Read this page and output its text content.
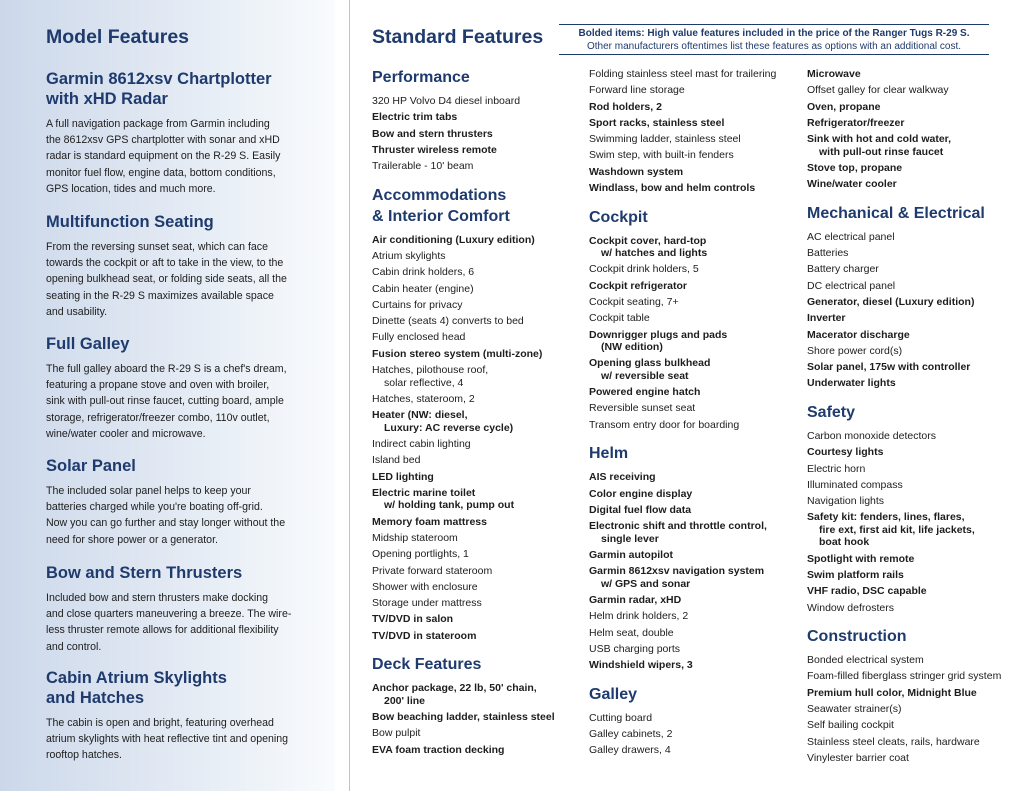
Model Features
Garmin 8612xsv Chartplotter
with xHD Radar

A full navigation package from Garmin including
the 8612xsv GPS chartplotter with sonar and xHD
radar is standard equipment on the R-29 S. Easily
monitor fuel flow, engine data, bottom conditions,
GPS location, tides and much more.

Multifunction Seating

From the reversing sunset seat, which can face
towards the cockpit or aft to take in the view, to the
opening bulkhead seat, or folding side seats, all the
seating in the R-29 S maximizes available space
and usability.

Full Galley

The full galley aboard the R-29 S is a chef's dream,
featuring a propane stove and oven with broiler,
sink with pull-out rinse faucet, cutting board, ample
storage, refrigerator/freezer combo, 110v outlet,
wine/water cooler and microwave.

Solar Panel

The included solar panel helps to keep your
batteries charged while you're boating off-grid.
Now you can go further and stay longer without the
need for shore power or a generator.

Bow and Stern Thrusters

Included bow and stern thrusters make docking
and close quarters maneuvering a breeze. The wire-
less thruster remote allows for additional flexibility
and control.

Cabin Atrium Skylights
and Hatches

The cabin is open and bright, featuring overhead
atrium skylights with heat reflective tint and opening
rooftop hatches.

Standard Features	Bolded items: High value features included in the price of the Ranger Tugs R-29 S.
Other manufacturers oftentimes list these features as options with an additional cost.
Performance
320 HP Volvo D4 diesel inboard
Electric trim tabs
Bow and stern thrusters
Thruster wireless remote
Trailerable - 10' beam
Accommodations
& Interior Comfort
Air conditioning (Luxury edition)
Atrium skylights
Cabin drink holders, 6
Cabin heater (engine)
Curtains for privacy
Dinette (seats 4) converts to bed
Fully enclosed head
Fusion stereo system (multi-zone)
Hatches, pilothouse roof,
solar reflective, 4
Hatches, stateroom, 2
Heater (NW: diesel,
Luxury: AC reverse cycle)
Indirect cabin lighting
Island bed
LED lighting
Electric marine toilet
w/ holding tank, pump out
Memory foam mattress
Midship stateroom
Opening portlights, 1
Private forward stateroom
Shower with enclosure
Storage under mattress
TV/DVD in salon
TV/DVD in stateroom
Deck Features
Anchor package, 22 lb, 50' chain,
200' line
Bow beaching ladder, stainless steel
Bow pulpit
EVA foam traction decking
Folding stainless steel mast for trailering
Forward line storage
Rod holders, 2
Sport racks, stainless steel
Swimming ladder, stainless steel
Swim step, with built-in fenders
Washdown system
Windlass, bow and helm controls
Cockpit
Cockpit cover, hard-top
w/ hatches and lights
Cockpit drink holders, 5
Cockpit refrigerator
Cockpit seating, 7+
Cockpit table
Downrigger plugs and pads
(NW edition)
Opening glass bulkhead
w/ reversible seat
Powered engine hatch
Reversible sunset seat
Transom entry door for boarding
Helm
AIS receiving
Color engine display
Digital fuel flow data
Electronic shift and throttle control,
single lever
Garmin autopilot
Garmin 8612xsv navigation system
w/ GPS and sonar
Garmin radar, xHD
Helm drink holders, 2
Helm seat, double
USB charging ports
Windshield wipers, 3
Galley
Cutting board
Galley cabinets, 2
Galley drawers, 4
Microwave
Offset galley for clear walkway
Oven, propane
Refrigerator/freezer
Sink with hot and cold water,
with pull-out rinse faucet
Stove top, propane
Wine/water cooler
Mechanical & Electrical
AC electrical panel
Batteries
Battery charger
DC electrical panel
Generator, diesel (Luxury edition)
Inverter
Macerator discharge
Shore power cord(s)
Solar panel, 175w with controller
Underwater lights
Safety
Carbon monoxide detectors
Courtesy lights
Electric horn
Illuminated compass
Navigation lights
Safety kit: fenders, lines, flares,
fire ext, first aid kit, life jackets,
boat hook
Spotlight with remote
Swim platform rails
VHF radio, DSC capable
Window defrosters
Construction
Bonded electrical system
Foam-filled fiberglass stringer grid system
Premium hull color, Midnight Blue
Seawater strainer(s)
Self bailing cockpit
Stainless steel cleats, rails, hardware
Vinylester barrier coat
